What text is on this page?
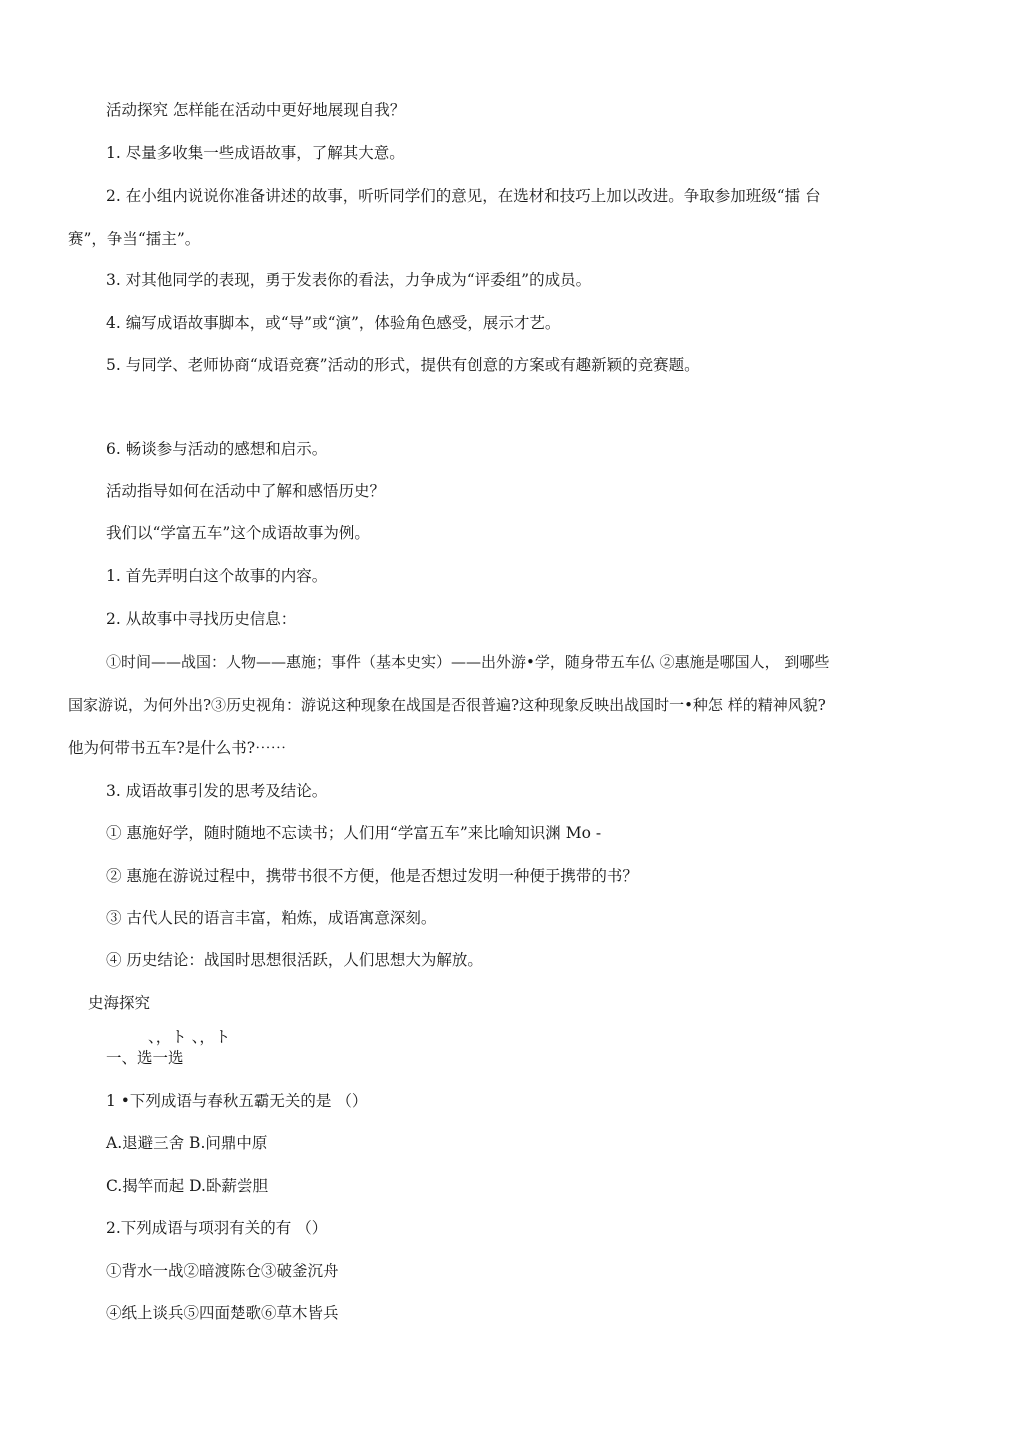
活动探究 怎样能在活动中更好地展现自我？
1. 尽量多收集一些成语故事，了解其大意。
2. 在小组内说说你准备讲述的故事，听听同学们的意见，在选材和技巧上加以改进。争取参加班级“擂 台
赛”，争当“擂主”。
3. 对其他同学的表现，勇于发表你的看法，力争成为“评委组”的成员。
4. 编写成语故事脚本，或“导”或“演”，体验角色感受，展示才艺。
5. 与同学、老师协商“成语竞赛”活动的形式，提供有创意的方案或有趣新颖的竞赛题。
6. 畅谈参与活动的感想和启示。
活动指导如何在活动中了解和感悟历史？
我们以“学富五车”这个成语故事为例。
1. 首先弄明白这个故事的内容。
2. 从故事中寻找历史信息：
①时间——战国：人物——惠施；事件（基本史实）——出外游•学，随身带五车仏 ②惠施是哪国人， 到哪些
国家游说，为何外出?③历史视角：游说这种现象在战国是否很普遍?这种现象反映出战国时一•种怎 样的精神风貌?
他为何带书五车?是什么书?⋯⋯
3. 成语故事引发的思考及结论。
① 惠施好学，随时随地不忘读书；人们用“学富五车”来比喻知识渊 Mo -
② 惠施在游说过程中，携带书很不方便，他是否想过发明一种便于携带的书？
③ 古代人民的语言丰富，粕炼，成语寓意深刻。
④ 历史结论：战国时思想很活跃，人们思想大为解放。
史海探究
、，ト 、，ト
一、选一选
1 •下列成语与春秋五霸无关的是 （）
A.退避三舍 B.问鼎中原
C.揭竿而起 D.卧薪尝胆
2.下列成语与项羽有关的有 （）
①背水一战②暗渡陈仓③破釜沉舟
④纸上谈兵⑤四面楚歌⑥草木皆兵
